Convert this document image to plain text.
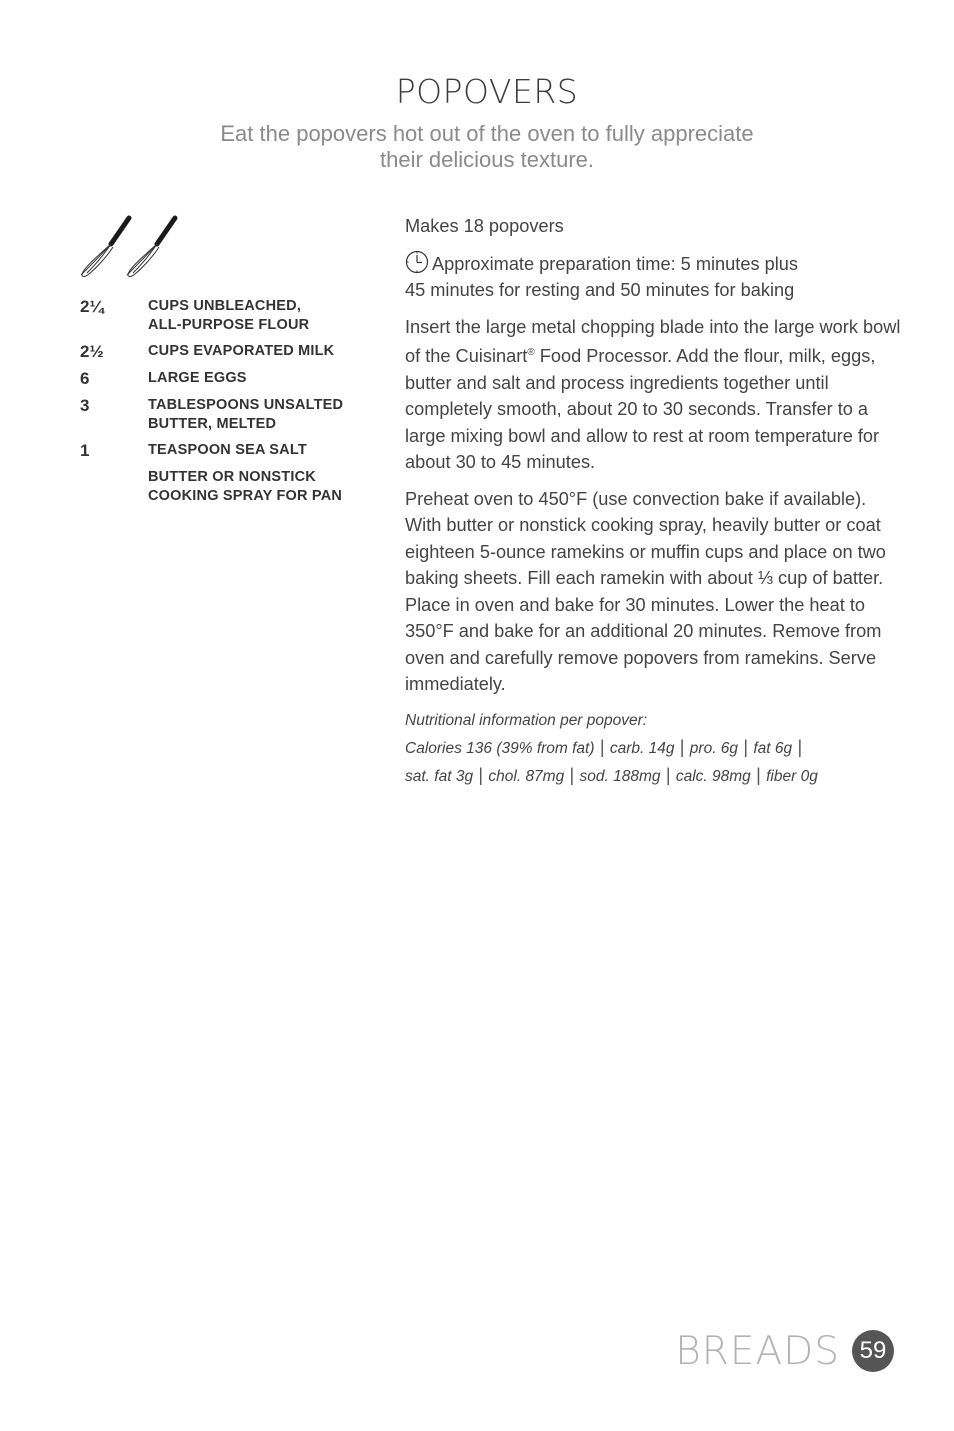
POPOVERS
Eat the popovers hot out of the oven to fully appreciate
their delicious texture.
2¼	CUPS UNBLEACHED,
ALL-PURPOSE FLOUR
2½	CUPS EVAPORATED MILK
6	LARGE EGGS
3	TABLESPOONS UNSALTED
BUTTER, MELTED
1	TEASPOON SEA SALT
BUTTER OR NONSTICK
COOKING SPRAY FOR PAN

Makes 18 popovers

Approximate preparation time: 5 minutes plus
45 minutes for resting and 50 minutes for baking

Insert the large metal chopping blade into the large work bowl of the Cuisinart® Food Processor. Add the flour, milk, eggs, butter and salt and process ingredients together until completely smooth, about 20 to 30 seconds. Transfer to a large mixing bowl and allow to rest at room temperature for about 30 to 45 minutes.

Preheat oven to 450°F (use convection bake if available). With butter or nonstick cooking spray, heavily butter or coat eighteen 5-ounce ramekins or muffin cups and place on two baking sheets. Fill each ramekin with about ⅓ cup of batter. Place in oven and bake for 30 minutes. Lower the heat to 350°F and bake for an additional 20 minutes. Remove from oven and carefully remove popovers from ramekins. Serve immediately.

Nutritional information per popover:
Calories 136 (39% from fat) | carb. 14g | pro. 6g | fat 6g |
sat. fat 3g | chol. 87mg | sod. 188mg | calc. 98mg | fiber 0g
BREADS 59
